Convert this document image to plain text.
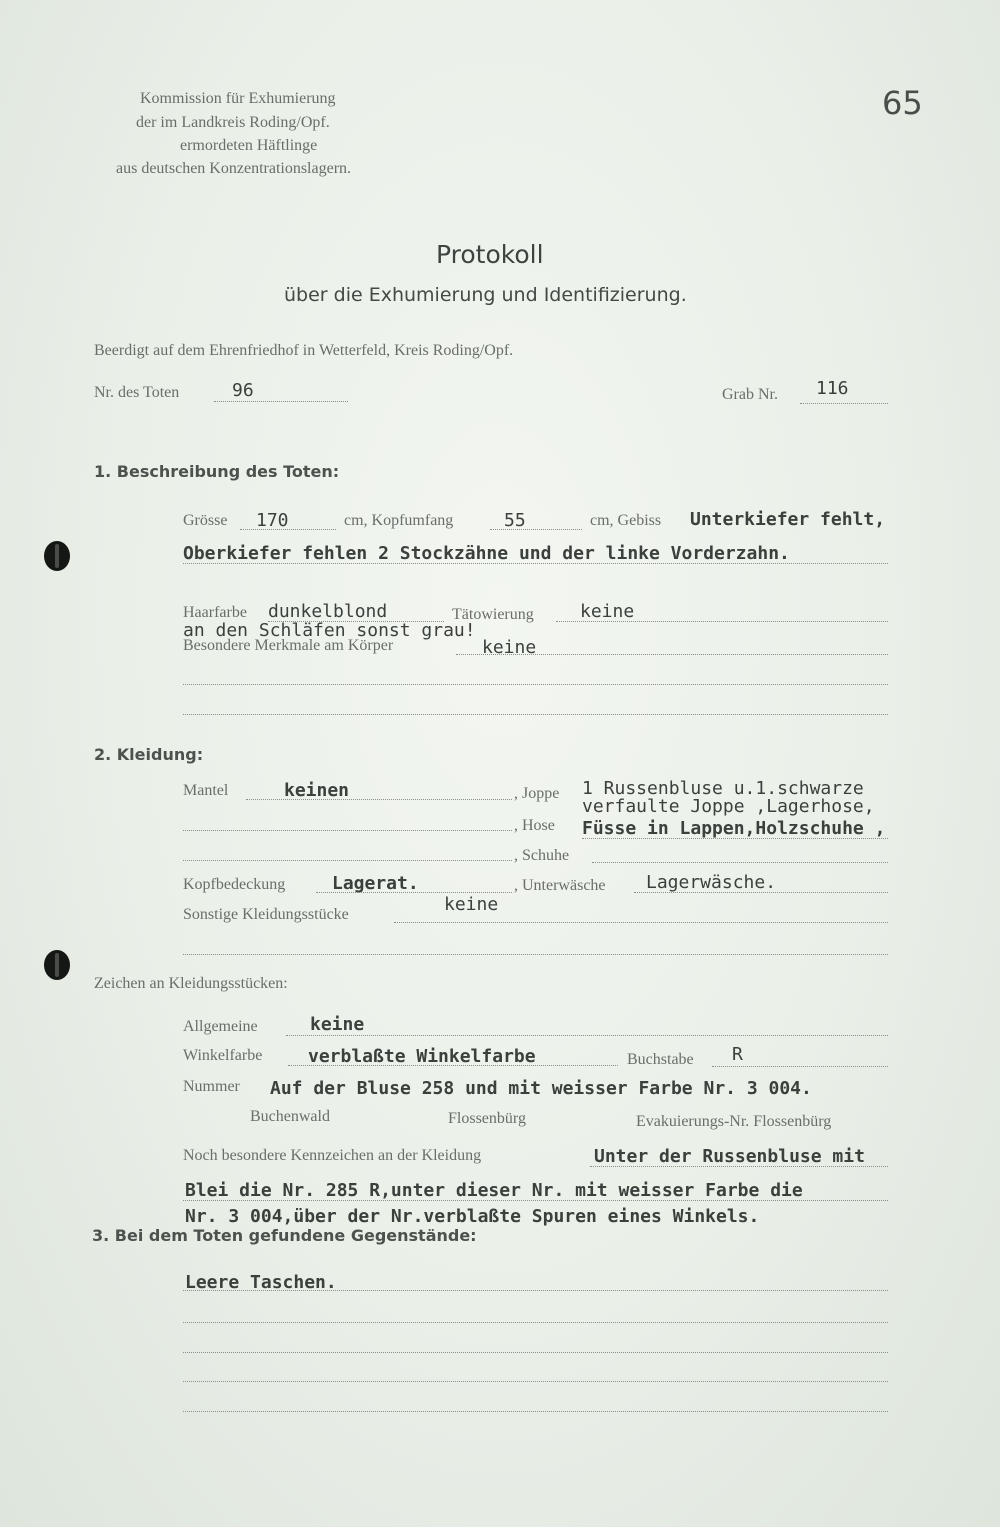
Kommission für Exhumierung
der im Landkreis Roding/Opf.
ermordeten Häftlinge
aus deutschen Konzentrationslagern.
65
Protokoll
über die Exhumierung und Identifizierung.
Beerdigt auf dem Ehrenfriedhof in Wetterfeld, Kreis Roding/Opf.
Nr. des Toten	96	Grab Nr. 116
1. Beschreibung des Toten:
Grösse 170	cm, Kopfumfang	55	cm, Gebiss Unterkiefer fehlt,
Oberkiefer fehlen 2 Stockzähne und der linke Vorderzahn.
Haarfarbe dunkelblond	Tätowierung	keine
an den Schläfen sonst grau!
Besondere Merkmale am Körper	keine
2. Kleidung:
Mantel	keinen	, Joppe 1 Russenbluse u.1.schwarze
verfaulte Joppe ,Lagerhose,
, Hose Füsse in Lappen,Holzschuhe ,
, Schuhe
Kopfbedeckung	Lagerat.	, Unterwäsche Lagerwäsche.
Sonstige Kleidungsstücke	keine
Zeichen an Kleidungsstücken:
Allgemeine	keine
Winkelfarbe	verblaßte Winkelfarbe	Buchstabe R
Nummer Auf der Bluse 258 und mit weisser Farbe Nr. 3 004.
Buchenwald	Flossenbürg	Evakuierungs-Nr. Flossenbürg
Noch besondere Kennzeichen an der Kleidung	Unter der Russenbluse mit
Blei die Nr. 285 R,unter dieser Nr. mit weisser Farbe die
Nr. 3 004,über der Nr.verblaßte Spuren eines Winkels.
3. Bei dem Toten gefundene Gegenstände:
Leere Taschen.
